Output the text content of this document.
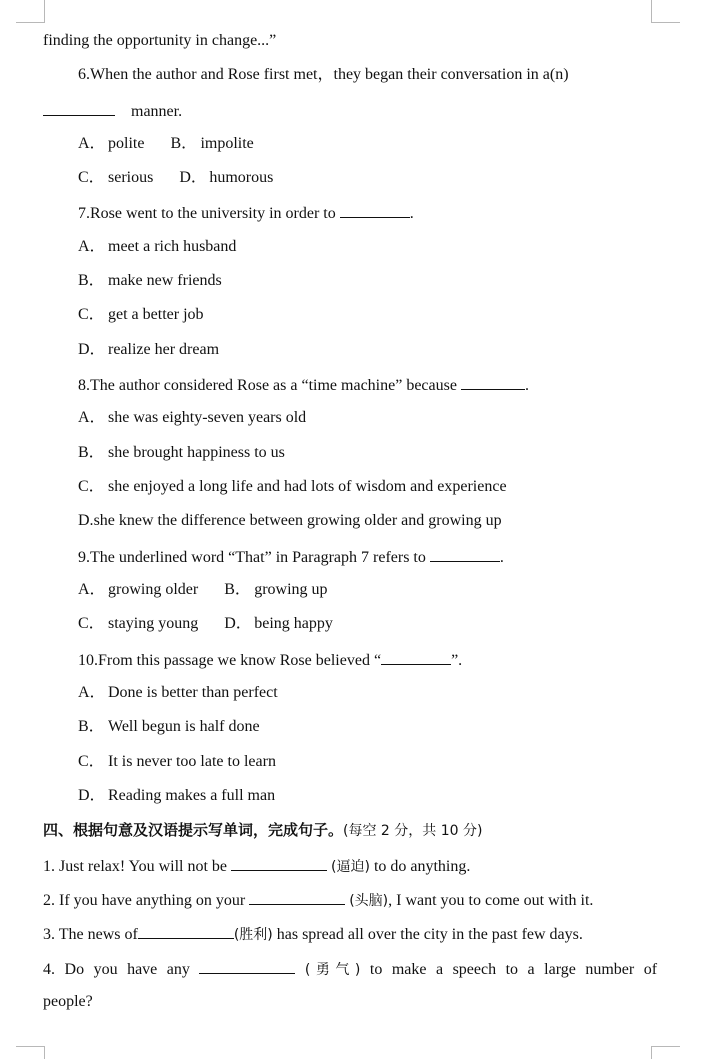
finding the opportunity in change...”
6.When the author and Rose first met，they began their conversation in a(n)
manner.
A． polite B． impolite
C． serious D． humorous
7.Rose went to the university in order to	.
A． meet a rich husband
B． make new friends
C． get a better job
D． realize her dream
8.The author considered Rose as a “time machine” because	.
A． she was eighty-seven years old
B． she brought happiness to us
C． she enjoyed a long life and had lots of wisdom and experience
D.she knew the difference between growing older and growing up
9.The underlined word “That” in Paragraph 7 refers to	.
A． growing older B． growing up
C． staying young D． being happy
10.From this passage we know Rose believed “	”.
A． Done is better than perfect
B． Well begun is half done
C． It is never too late to learn
D． Reading makes a full man
四、根据句意及汉语提示写单词，完成句子。(每空 2 分，共 10 分)
1. Just relax! You will not be	(逼迫) to do anything.
2. If you have anything on your	(头脑), I want you to come out with it.
3. The news of	(胜利) has spread all over the city in the past few days.
4. Do you have any	(勇气) to make a speech to a large number of
people?
